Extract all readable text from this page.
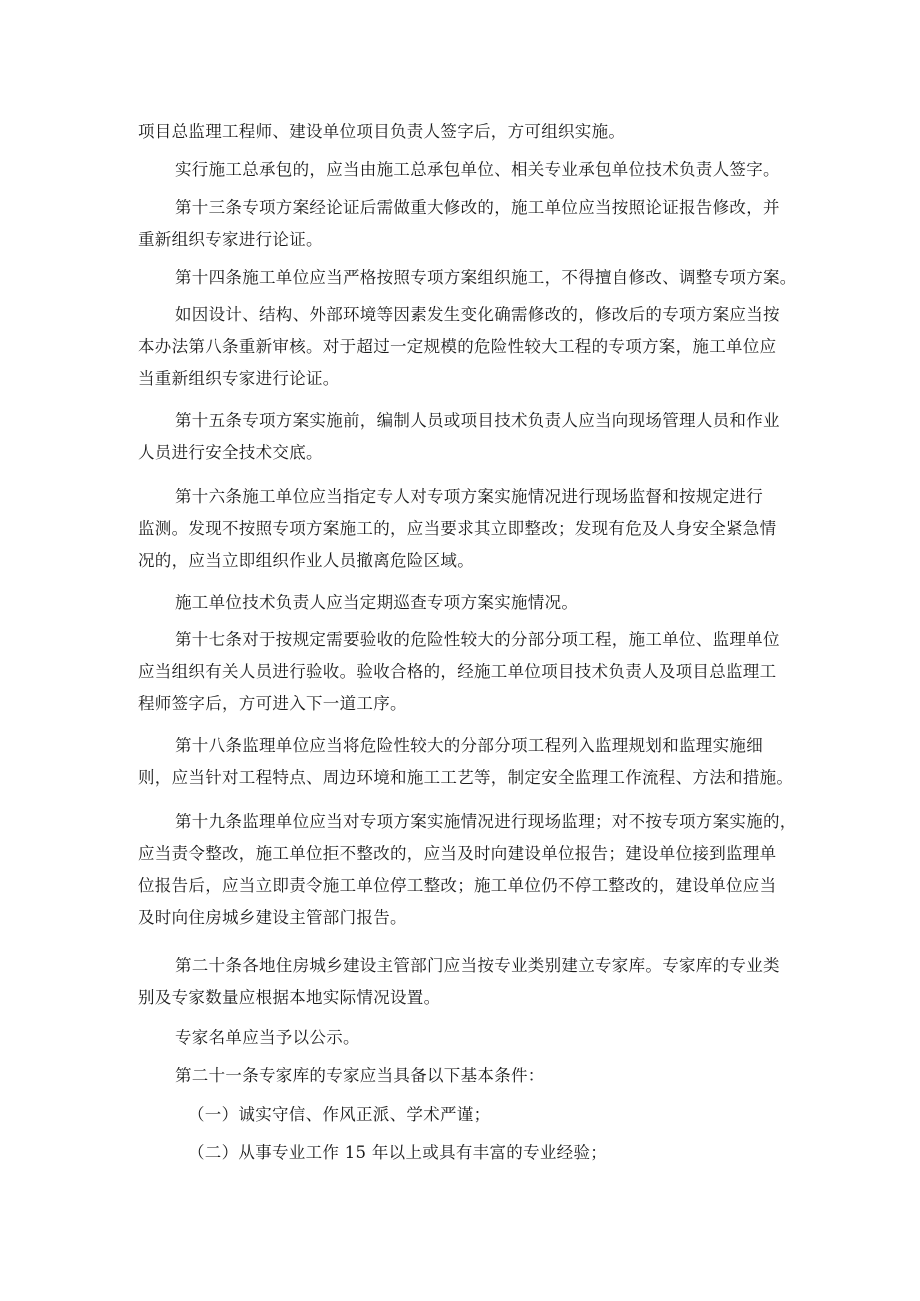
项目总监理工程师、建设单位项目负责人签字后，方可组织实施。

实行施工总承包的，应当由施工总承包单位、相关专业承包单位技术负责人签字。

第十三条专项方案经论证后需做重大修改的，施工单位应当按照论证报告修改，并
重新组织专家进行论证。

第十四条施工单位应当严格按照专项方案组织施工，不得擅自修改、调整专项方案。

如因设计、结构、外部环境等因素发生变化确需修改的，修改后的专项方案应当按
本办法第八条重新审核。对于超过一定规模的危险性较大工程的专项方案，施工单位应
当重新组织专家进行论证。

第十五条专项方案实施前，编制人员或项目技术负责人应当向现场管理人员和作业
人员进行安全技术交底。

第十六条施工单位应当指定专人对专项方案实施情况进行现场监督和按规定进行
监测。发现不按照专项方案施工的，应当要求其立即整改；发现有危及人身安全紧急情
况的，应当立即组织作业人员撤离危险区域。

施工单位技术负责人应当定期巡查专项方案实施情况。

第十七条对于按规定需要验收的危险性较大的分部分项工程，施工单位、监理单位
应当组织有关人员进行验收。验收合格的，经施工单位项目技术负责人及项目总监理工
程师签字后，方可进入下一道工序。

第十八条监理单位应当将危险性较大的分部分项工程列入监理规划和监理实施细
则，应当针对工程特点、周边环境和施工工艺等，制定安全监理工作流程、方法和措施。

第十九条监理单位应当对专项方案实施情况进行现场监理；对不按专项方案实施的，
应当责令整改，施工单位拒不整改的，应当及时向建设单位报告；建设单位接到监理单
位报告后，应当立即责令施工单位停工整改；施工单位仍不停工整改的，建设单位应当
及时向住房城乡建设主管部门报告。

第二十条各地住房城乡建设主管部门应当按专业类别建立专家库。专家库的专业类
别及专家数量应根据本地实际情况设置。

专家名单应当予以公示。

第二十一条专家库的专家应当具备以下基本条件：

（一）诚实守信、作风正派、学术严谨；

（二）从事专业工作 15 年以上或具有丰富的专业经验；
